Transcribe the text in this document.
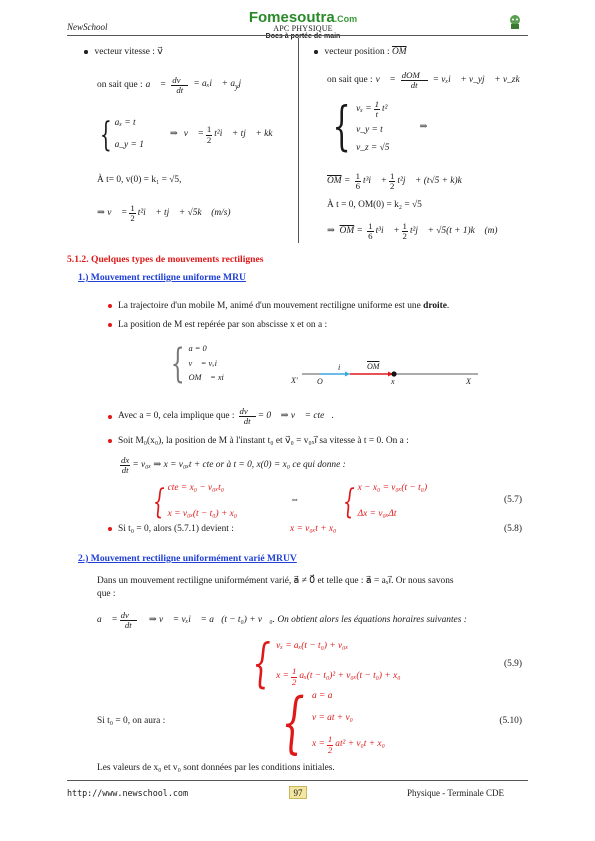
NewSchool
Fomesoutra.Com
APC PHYSIQUE
Docs à portée de main
vecteur vitesse : v⃗
on sait que : a⃗ = $\frac{dv⃗}{dt}$ = aₓi⃗ + $a_yj⃗$
{ aₓ = t
a_y = 1
⇒ v⃗ = $\frac{1}{2}$ t²i⃗ + tj⃗ + kk⃗
À t= 0, v(0) = k₁ = √5,
⇒ v⃗ = $\frac{1}{2}$ t²i⃗ + tj⃗ + √5k⃗ (m/s)
vecteur position : $\overline{OM}$
on sait que : v⃗ = $\frac{\text{dOM⃗}}{dt}$ = vₓi⃗ + v_yj⃗ + v_zk⃗
{ $v_x = \frac{1}{t} t^2$
v_y = t
v_z = √5
⇒
$\overline{OM} = \frac{1}{6}$ t³i⃗ + $\frac{1}{2}$ t²j⃗ + (t√5 + k)k⃗
À t = 0, OM(0) = k₂ = √5
⇒ $\overline{OM} = \frac{1}{6}$ t³i⃗ + $\frac{1}{2}$ t²j⃗ + √5(t + 1)k⃗ (m)
5.1.2. Quelques types de mouvements rectilignes
1.) Mouvement rectiligne uniforme MRU
La trajectoire d'un mobile M, animé d'un mouvement rectiligne uniforme est une droite.
La position de M est repérée par son abscisse x et on a :
{ a = 0
v⃗ = vₓi⃗
OM⃗ = xi⃗	X' O
i⃗	$\overline{OM}$
x	X
Avec a = 0, cela implique que : $\frac{dv⃗}{dt}$ = 0⃗ ⇒ v⃗ = cte⃗.
Soit M₀(x₀), la position de M à l'instant t₀ et v⃗₀ = v₀ₓi⃗ sa vitesse à t = 0. On a :
$\frac{dx}{dt} = v_{0x}$ ⇒ x = v₀ₓt + cte or à t = 0, x(0) = x₀ ce qui donne :
{ cte = x₀ − v₀ₓt₀
x = v₀ₓ(t − t₀) + x₀
⇔ { x − x₀ = v₀ₓ(t − t₀)
Δx = v₀ₓΔt
(5.7)
Si t₀ = 0, alors (5.7.1) devient :	x = v₀ₓt + x₀	(5.8)
2.) Mouvement rectiligne uniformément varié MRUV
Dans un mouvement rectiligne uniformément varié, a⃗ ≠ 0⃗ et telle que : a⃗ = aₓi⃗. Or nous savons
que :
a⃗ = $\frac{dv⃗}{dt}$ ⇒ v⃗ = vₓi⃗ = a⃗(t − t₀) + v⃗₀. On obtient alors les équations horaires suivantes :
{ vₓ = aₓ(t − t₀) + v₀ₓ
$x = \frac{1}{2} a_x(t - t_0)^2 + v_{0x}(t - t_0) + x_0$
(5.9)
Si t₀ = 0, on aura : { a = a
v = at + v₀
$x = \frac{1}{2} at^2 + v_0t + x_0$
(5.10)
Les valeurs de x₀ et v₀ sont données par les conditions initiales.
http://www.newschool.com	97	Physique - Terminale CDE
